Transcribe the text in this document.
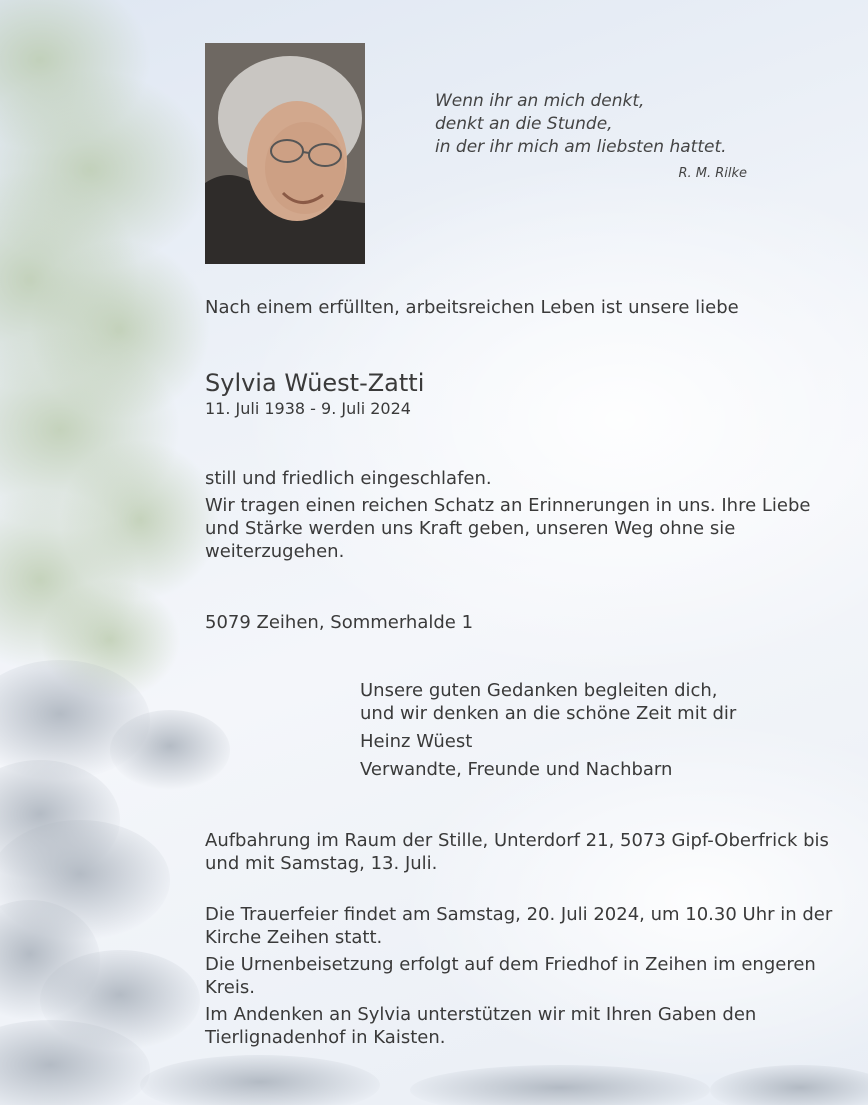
Wenn ihr an mich denkt,

denkt an die Stunde,

in der ihr mich am liebsten hattet.

R. M. Rilke
Nach einem erfüllten, arbeitsreichen Leben ist unsere liebe
Sylvia Wüest-Zatti
11. Juli 1938 - 9. Juli 2024

still und friedlich eingeschlafen.

Wir tragen einen reichen Schatz an Erinnerungen in uns. Ihre Liebe und Stärke werden uns Kraft geben, unseren Weg ohne sie weiterzugehen.

5079 Zeihen, Sommerhalde 1

Unsere guten Gedanken begleiten dich,

und wir denken an die schöne Zeit mit dir

Heinz Wüest

Verwandte, Freunde und Nachbarn

Aufbahrung im Raum der Stille, Unterdorf 21, 5073 Gipf-Oberfrick bis und mit Samstag, 13. Juli.

Die Trauerfeier findet am Samstag, 20. Juli 2024, um 10.30 Uhr in der Kirche Zeihen statt.

Die Urnenbeisetzung erfolgt auf dem Friedhof in Zeihen im engeren Kreis.

Im Andenken an Sylvia unterstützen wir mit Ihren Gaben den Tierlignadenhof in Kaisten.
